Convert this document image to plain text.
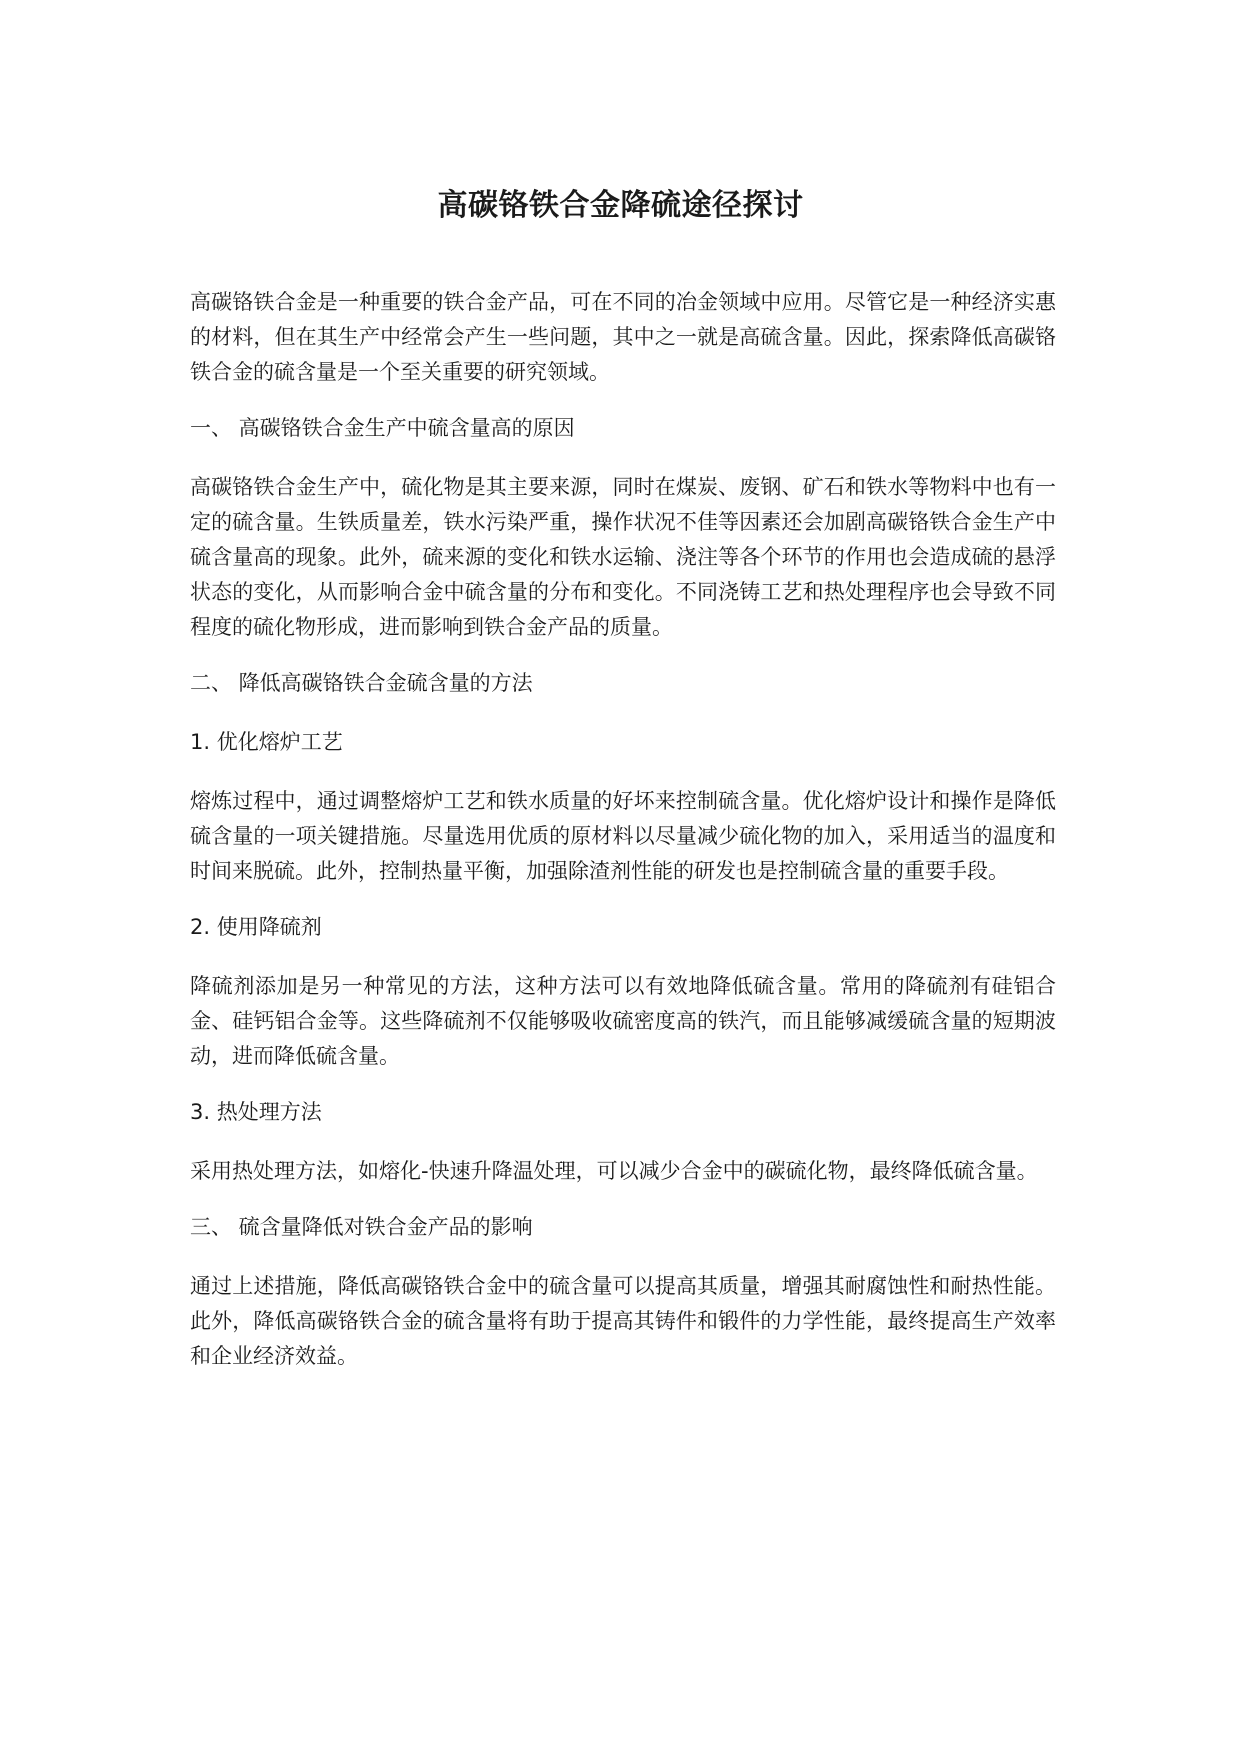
高碳铬铁合金降硫途径探讨

高碳铬铁合金是一种重要的铁合金产品，可在不同的冶金领域中应用。尽管它是一种经济实惠的材料，但在其生产中经常会产生一些问题，其中之一就是高硫含量。因此，探索降低高碳铬铁合金的硫含量是一个至关重要的研究领域。

一、 高碳铬铁合金生产中硫含量高的原因

高碳铬铁合金生产中，硫化物是其主要来源，同时在煤炭、废钢、矿石和铁水等物料中也有一定的硫含量。生铁质量差，铁水污染严重，操作状况不佳等因素还会加剧高碳铬铁合金生产中硫含量高的现象。此外，硫来源的变化和铁水运输、浇注等各个环节的作用也会造成硫的悬浮状态的变化，从而影响合金中硫含量的分布和变化。不同浇铸工艺和热处理程序也会导致不同程度的硫化物形成，进而影响到铁合金产品的质量。

二、 降低高碳铬铁合金硫含量的方法

1. 优化熔炉工艺

熔炼过程中，通过调整熔炉工艺和铁水质量的好坏来控制硫含量。优化熔炉设计和操作是降低硫含量的一项关键措施。尽量选用优质的原材料以尽量减少硫化物的加入，采用适当的温度和时间来脱硫。此外，控制热量平衡，加强除渣剂性能的研发也是控制硫含量的重要手段。

2. 使用降硫剂

降硫剂添加是另一种常见的方法，这种方法可以有效地降低硫含量。常用的降硫剂有硅铝合金、硅钙铝合金等。这些降硫剂不仅能够吸收硫密度高的铁汽，而且能够减缓硫含量的短期波动，进而降低硫含量。

3. 热处理方法

采用热处理方法，如熔化-快速升降温处理，可以减少合金中的碳硫化物，最终降低硫含量。

三、 硫含量降低对铁合金产品的影响

通过上述措施，降低高碳铬铁合金中的硫含量可以提高其质量，增强其耐腐蚀性和耐热性能。此外，降低高碳铬铁合金的硫含量将有助于提高其铸件和锻件的力学性能，最终提高生产效率和企业经济效益。
